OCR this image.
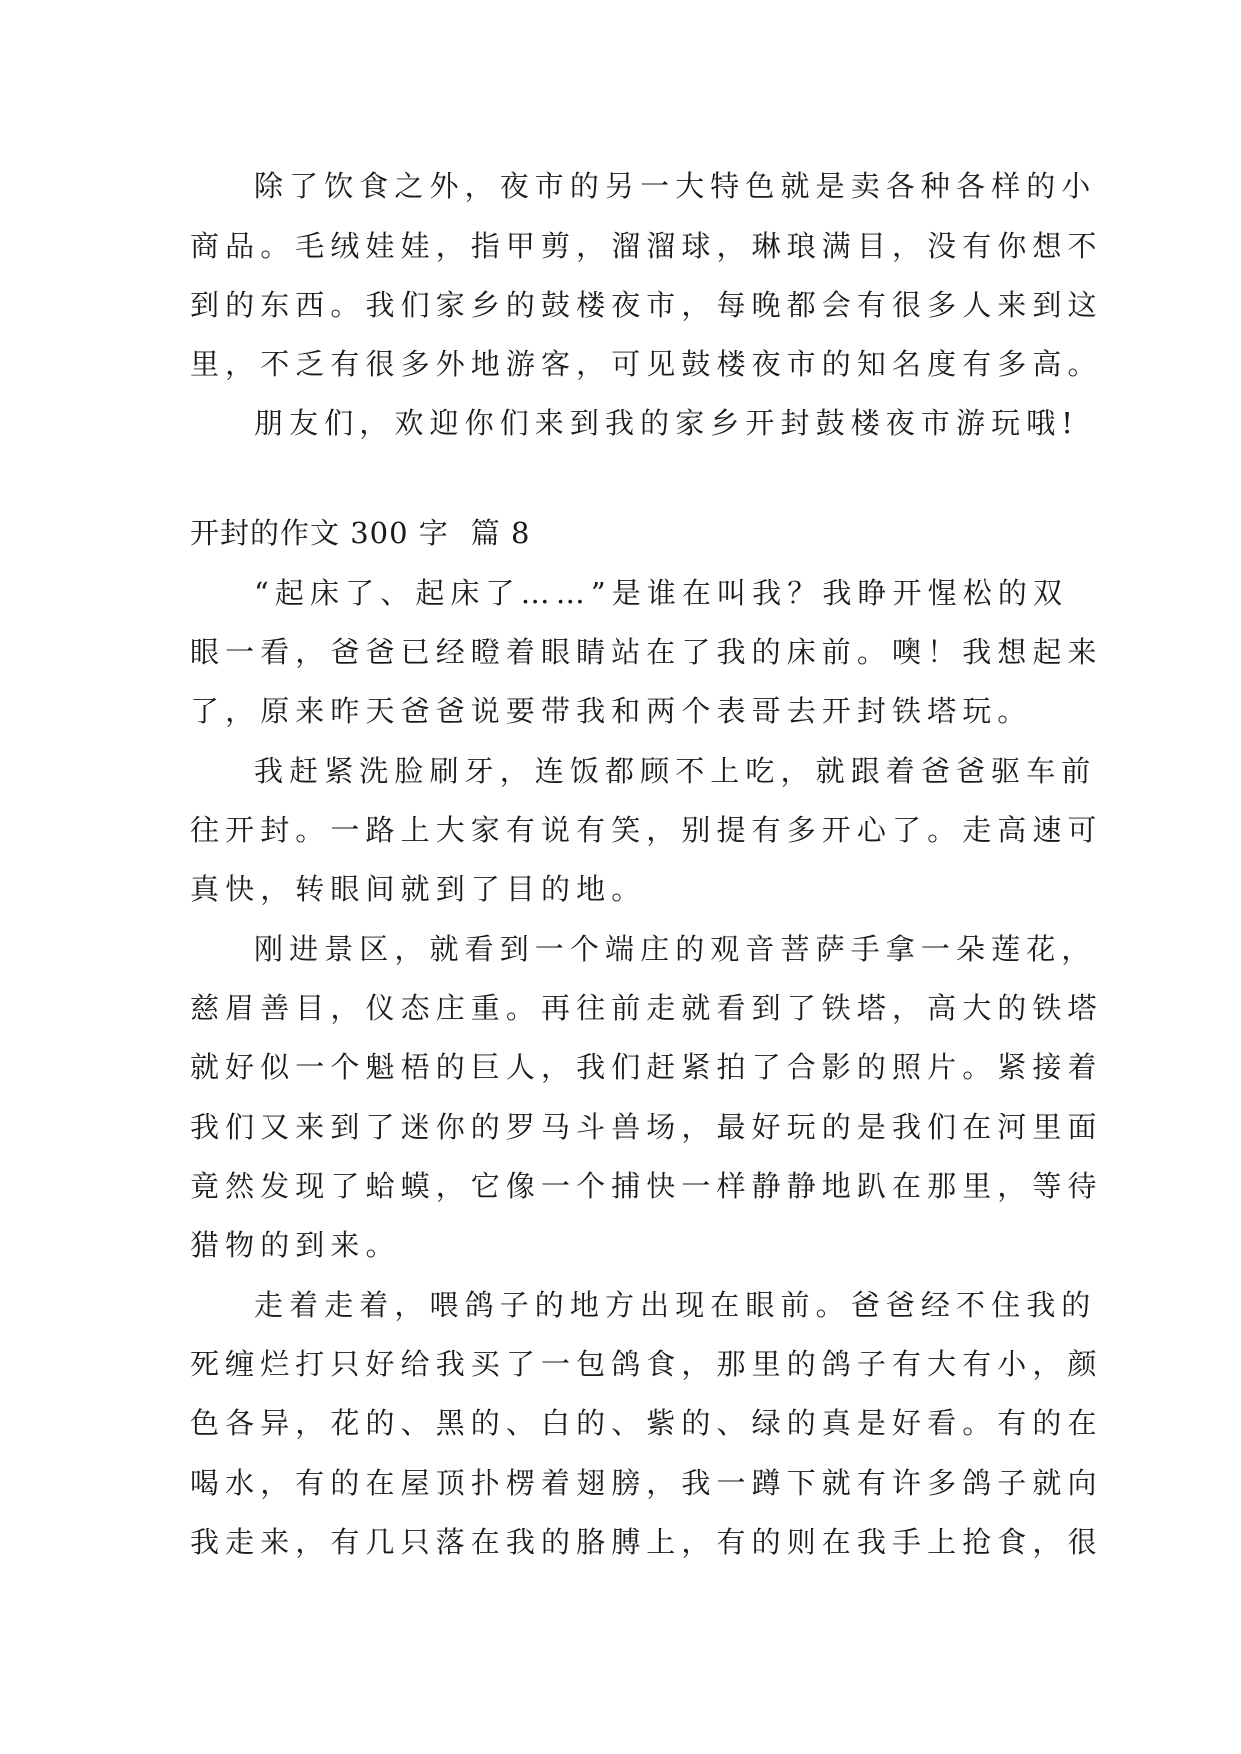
除了饮食之外，夜市的另一大特色就是卖各种各样的小
商品。毛绒娃娃，指甲剪，溜溜球，琳琅满目，没有你想不
到的东西。我们家乡的鼓楼夜市，每晚都会有很多人来到这
里，不乏有很多外地游客，可见鼓楼夜市的知名度有多高。
朋友们，欢迎你们来到我的家乡开封鼓楼夜市游玩哦!
开封的作文 300 字 篇 8
“起床了、起床了……”是谁在叫我？我睁开惺松的双
眼一看，爸爸已经瞪着眼睛站在了我的床前。噢！我想起来
了，原来昨天爸爸说要带我和两个表哥去开封铁塔玩。
我赶紧洗脸刷牙，连饭都顾不上吃，就跟着爸爸驱车前
往开封。一路上大家有说有笑，别提有多开心了。走高速可
真快，转眼间就到了目的地。
刚进景区，就看到一个端庄的观音菩萨手拿一朵莲花，
慈眉善目，仪态庄重。再往前走就看到了铁塔，高大的铁塔
就好似一个魁梧的巨人，我们赶紧拍了合影的照片。紧接着
我们又来到了迷你的罗马斗兽场，最好玩的是我们在河里面
竟然发现了蛤蟆，它像一个捕快一样静静地趴在那里，等待
猎物的到来。
走着走着，喂鸽子的地方出现在眼前。爸爸经不住我的
死缠烂打只好给我买了一包鸽食，那里的鸽子有大有小，颜
色各异，花的、黑的、白的、紫的、绿的真是好看。有的在
喝水，有的在屋顶扑楞着翅膀，我一蹲下就有许多鸽子就向
我走来，有几只落在我的胳膊上，有的则在我手上抢食，很
